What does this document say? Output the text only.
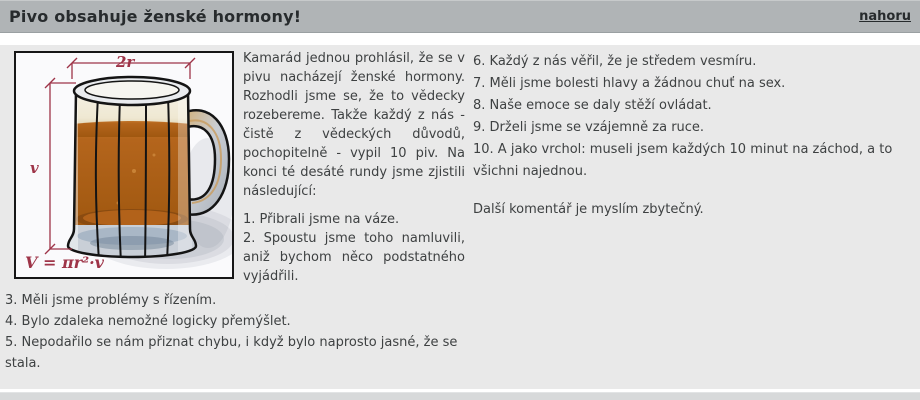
Pivo obsahuje ženské hormony!	nahoru
2r
v
V = πr²·v

Kamarád jednou prohlásil, že se v pivu nacházejí ženské hormony. Rozhodli jsme se, že to vědecky rozebereme. Takže každý z nás - čistě z vědeckých důvodů, pochopitelně - vypil 10 piv. Na konci té desáté rundy jsme zjistili následující:

1. Přibrali jsme na váze.
2. Spoustu jsme toho namluvili, aniž bychom něco podstatného vyjádřili.
3. Měli jsme problémy s řízením.
4. Bylo zdaleka nemožné logicky přemýšlet.
5. Nepodařilo se nám přiznat chybu, i když bylo naprosto jasné, že se stala.
6. Každý z nás věřil, že je středem vesmíru.
7. Měli jsme bolesti hlavy a žádnou chuť na sex.
8. Naše emoce se daly stěží ovládat.
9. Drželi jsme se vzájemně za ruce.
10. A jako vrchol: museli jsem každých 10 minut na záchod, a to všichni najednou.

Další komentář je myslím zbytečný.
